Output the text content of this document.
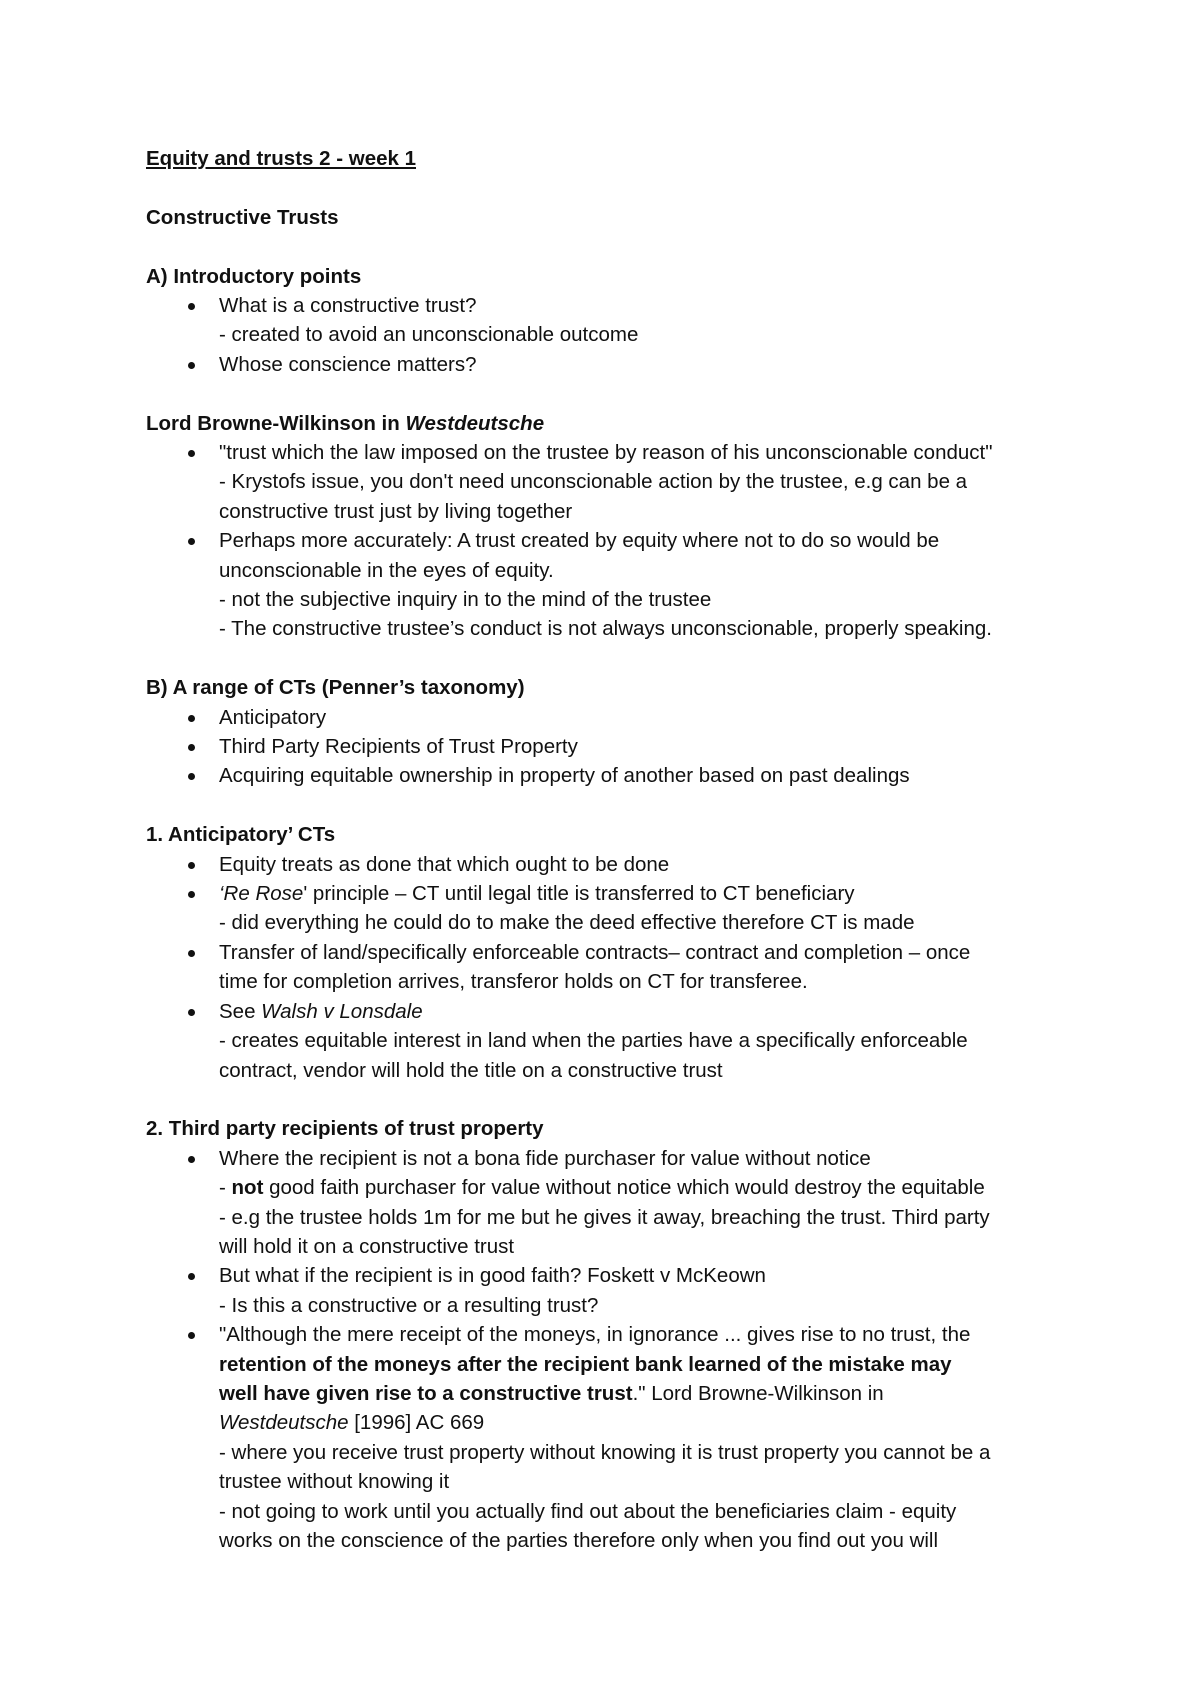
Equity and trusts 2 - week 1
Constructive Trusts
A) Introductory points
What is a constructive trust?
- created to avoid an unconscionable outcome
Whose conscience matters?
Lord Browne-Wilkinson in Westdeutsche
"trust which the law imposed on the trustee by reason of his unconscionable conduct"
- Krystofs issue, you don't need unconscionable action by the trustee, e.g can be a
constructive trust just by living together
Perhaps more accurately: A trust created by equity where not to do so would be
unconscionable in the eyes of equity.
- not the subjective inquiry in to the mind of the trustee
- The constructive trustee’s conduct is not always unconscionable, properly speaking.
B) A range of CTs (Penner’s taxonomy)
Anticipatory
Third Party Recipients of Trust Property
Acquiring equitable ownership in property of another based on past dealings
1. Anticipatory’ CTs
Equity treats as done that which ought to be done
‘Re Rose' principle – CT until legal title is transferred to CT beneficiary
- did everything he could do to make the deed effective therefore CT is made
Transfer of land/specifically enforceable contracts– contract and completion – once
time for completion arrives, transferor holds on CT for transferee.
See Walsh v Lonsdale
- creates equitable interest in land when the parties have a specifically enforceable
contract, vendor will hold the title on a constructive trust
2. Third party recipients of trust property
Where the recipient is not a bona fide purchaser for value without notice
- not good faith purchaser for value without notice which would destroy the equitable
- e.g the trustee holds 1m for me but he gives it away, breaching the trust. Third party
will hold it on a constructive trust
But what if the recipient is in good faith? Foskett v McKeown
- Is this a constructive or a resulting trust?
"Although the mere receipt of the moneys, in ignorance ... gives rise to no trust, the
retention of the moneys after the recipient bank learned of the mistake may
well have given rise to a constructive trust." Lord Browne-Wilkinson in
Westdeutsche [1996] AC 669
- where you receive trust property without knowing it is trust property you cannot be a
trustee without knowing it
- not going to work until you actually find out about the beneficiaries claim - equity
works on the conscience of the parties therefore only when you find out you will
